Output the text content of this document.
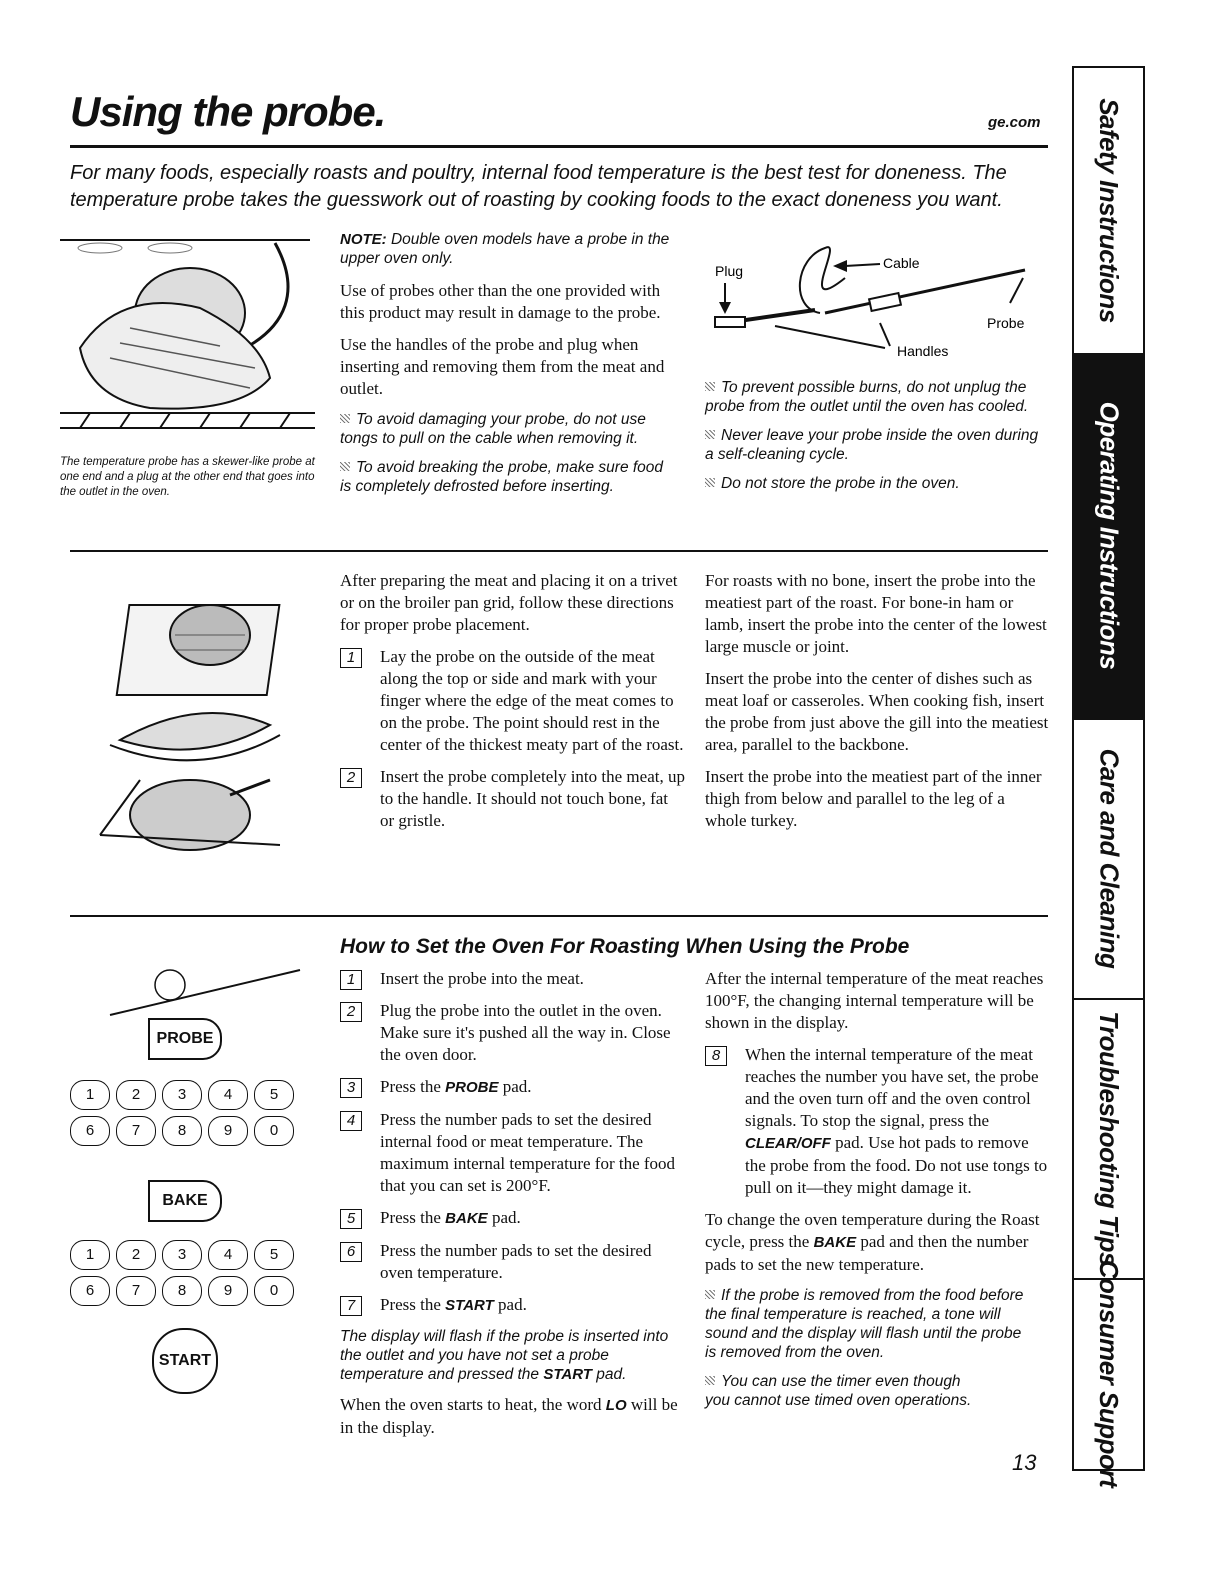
Using the probe.	ge.com
For many foods, especially roasts and poultry, internal food temperature is the best test for doneness. The temperature probe takes the guesswork out of roasting by cooking foods to the exact doneness you want.
The temperature probe has a skewer-like probe at one end and a plug at the other end that goes into the outlet in the oven.

NOTE: Double oven models have a probe in the upper oven only.

Use of probes other than the one provided with this product may result in damage to the probe.

Use the handles of the probe and plug when inserting and removing them from the meat and outlet.

To avoid damaging your probe, do not use tongs to pull on the cable when removing it.

To avoid breaking the probe, make sure food is completely defrosted before inserting.

Plug	Cable
Probe
Handles

To prevent possible burns, do not unplug the probe from the outlet until the oven has cooled.

Never leave your probe inside the oven during a self-cleaning cycle.

Do not store the probe in the oven.

After preparing the meat and placing it on a trivet or on the broiler pan grid, follow these directions for proper probe placement.

1	Lay the probe on the outside of the meat along the top or side and mark with your finger where the edge of the meat comes to on the probe. The point should rest in the center of the thickest meaty part of the roast.
2	Insert the probe completely into the meat, up to the handle. It should not touch bone, fat or gristle.

For roasts with no bone, insert the probe into the meatiest part of the roast. For bone-in ham or lamb, insert the probe into the center of the lowest large muscle or joint.

Insert the probe into the center of dishes such as meat loaf or casseroles. When cooking fish, insert the probe from just above the gill into the meatiest area, parallel to the backbone.

Insert the probe into the meatiest part of the inner thigh from below and parallel to the leg of a whole turkey.

How to Set the Oven For Roasting When Using the Probe
PROBE
1	2	3	4	5
6	7	8	9	0
BAKE
1	2	3	4	5
6	7	8	9	0
START
1	Insert the probe into the meat.
2	Plug the probe into the outlet in the oven. Make sure it's pushed all the way in. Close the oven door.
3	Press the PROBE pad.
4	Press the number pads to set the desired internal food or meat temperature. The maximum internal temperature for the food that you can set is 200°F.
5	Press the BAKE pad.
6	Press the number pads to set the desired oven temperature.
7	Press the START pad.

The display will flash if the probe is inserted into the outlet and you have not set a probe temperature and pressed the START pad.

When the oven starts to heat, the word LO will be in the display.

After the internal temperature of the meat reaches 100°F, the changing internal temperature will be shown in the display.

8	When the internal temperature of the meat reaches the number you have set, the probe and the oven turn off and the oven control signals. To stop the signal, press the CLEAR/OFF pad. Use hot pads to remove the probe from the food. Do not use tongs to pull on it—they might damage it.

To change the oven temperature during the Roast cycle, press the BAKE pad and then the number pads to set the new temperature.

If the probe is removed from the food before the final temperature is reached, a tone will sound and the display will flash until the probe is removed from the oven.

You can use the timer even though you cannot use timed oven operations.

13
Safety Instructions
Operating Instructions
Care and Cleaning
Troubleshooting Tips
Consumer Support
